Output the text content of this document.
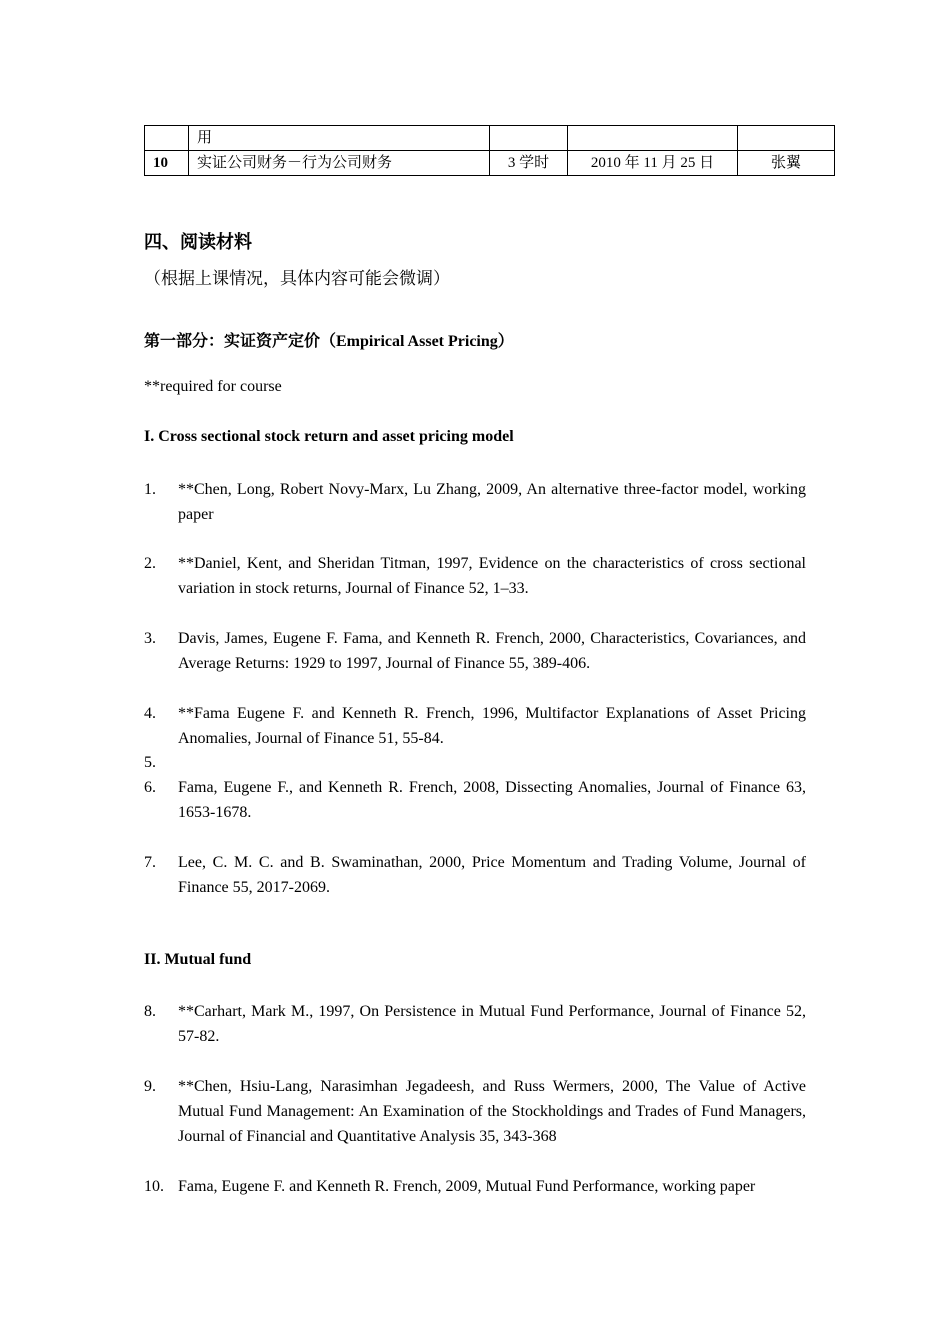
	用			
10	实证公司财务－行为公司财务	3 学时	2010 年 11 月 25 日	张翼
四、阅读材料
（根据上课情况，具体内容可能会微调）
第一部分：实证资产定价（Empirical Asset Pricing）
**required for course
I. Cross sectional stock return and asset pricing model
II. Mutual fund
1. **Chen, Long, Robert Novy-Marx, Lu Zhang, 2009, An alternative three-factor model, working paper
2. **Daniel, Kent, and Sheridan Titman, 1997, Evidence on the characteristics of cross sectional variation in stock returns, Journal of Finance 52, 1–33.
3. Davis, James, Eugene F. Fama, and Kenneth R. French, 2000, Characteristics, Covariances, and Average Returns: 1929 to 1997, Journal of Finance 55, 389-406.
4. **Fama Eugene F. and Kenneth R. French, 1996, Multifactor Explanations of Asset Pricing Anomalies, Journal of Finance 51, 55-84.
5.
6. Fama, Eugene F., and Kenneth R. French, 2008, Dissecting Anomalies, Journal of Finance 63, 1653-1678.
7. Lee, C. M. C. and B. Swaminathan, 2000, Price Momentum and Trading Volume, Journal of Finance 55, 2017-2069.
8. **Carhart, Mark M., 1997, On Persistence in Mutual Fund Performance, Journal of Finance 52, 57-82.
9. **Chen, Hsiu-Lang, Narasimhan Jegadeesh, and Russ Wermers, 2000, The Value of Active Mutual Fund Management: An Examination of the Stockholdings and Trades of Fund Managers, Journal of Financial and Quantitative Analysis 35, 343-368
10. Fama, Eugene F. and Kenneth R. French, 2009, Mutual Fund Performance, working paper
